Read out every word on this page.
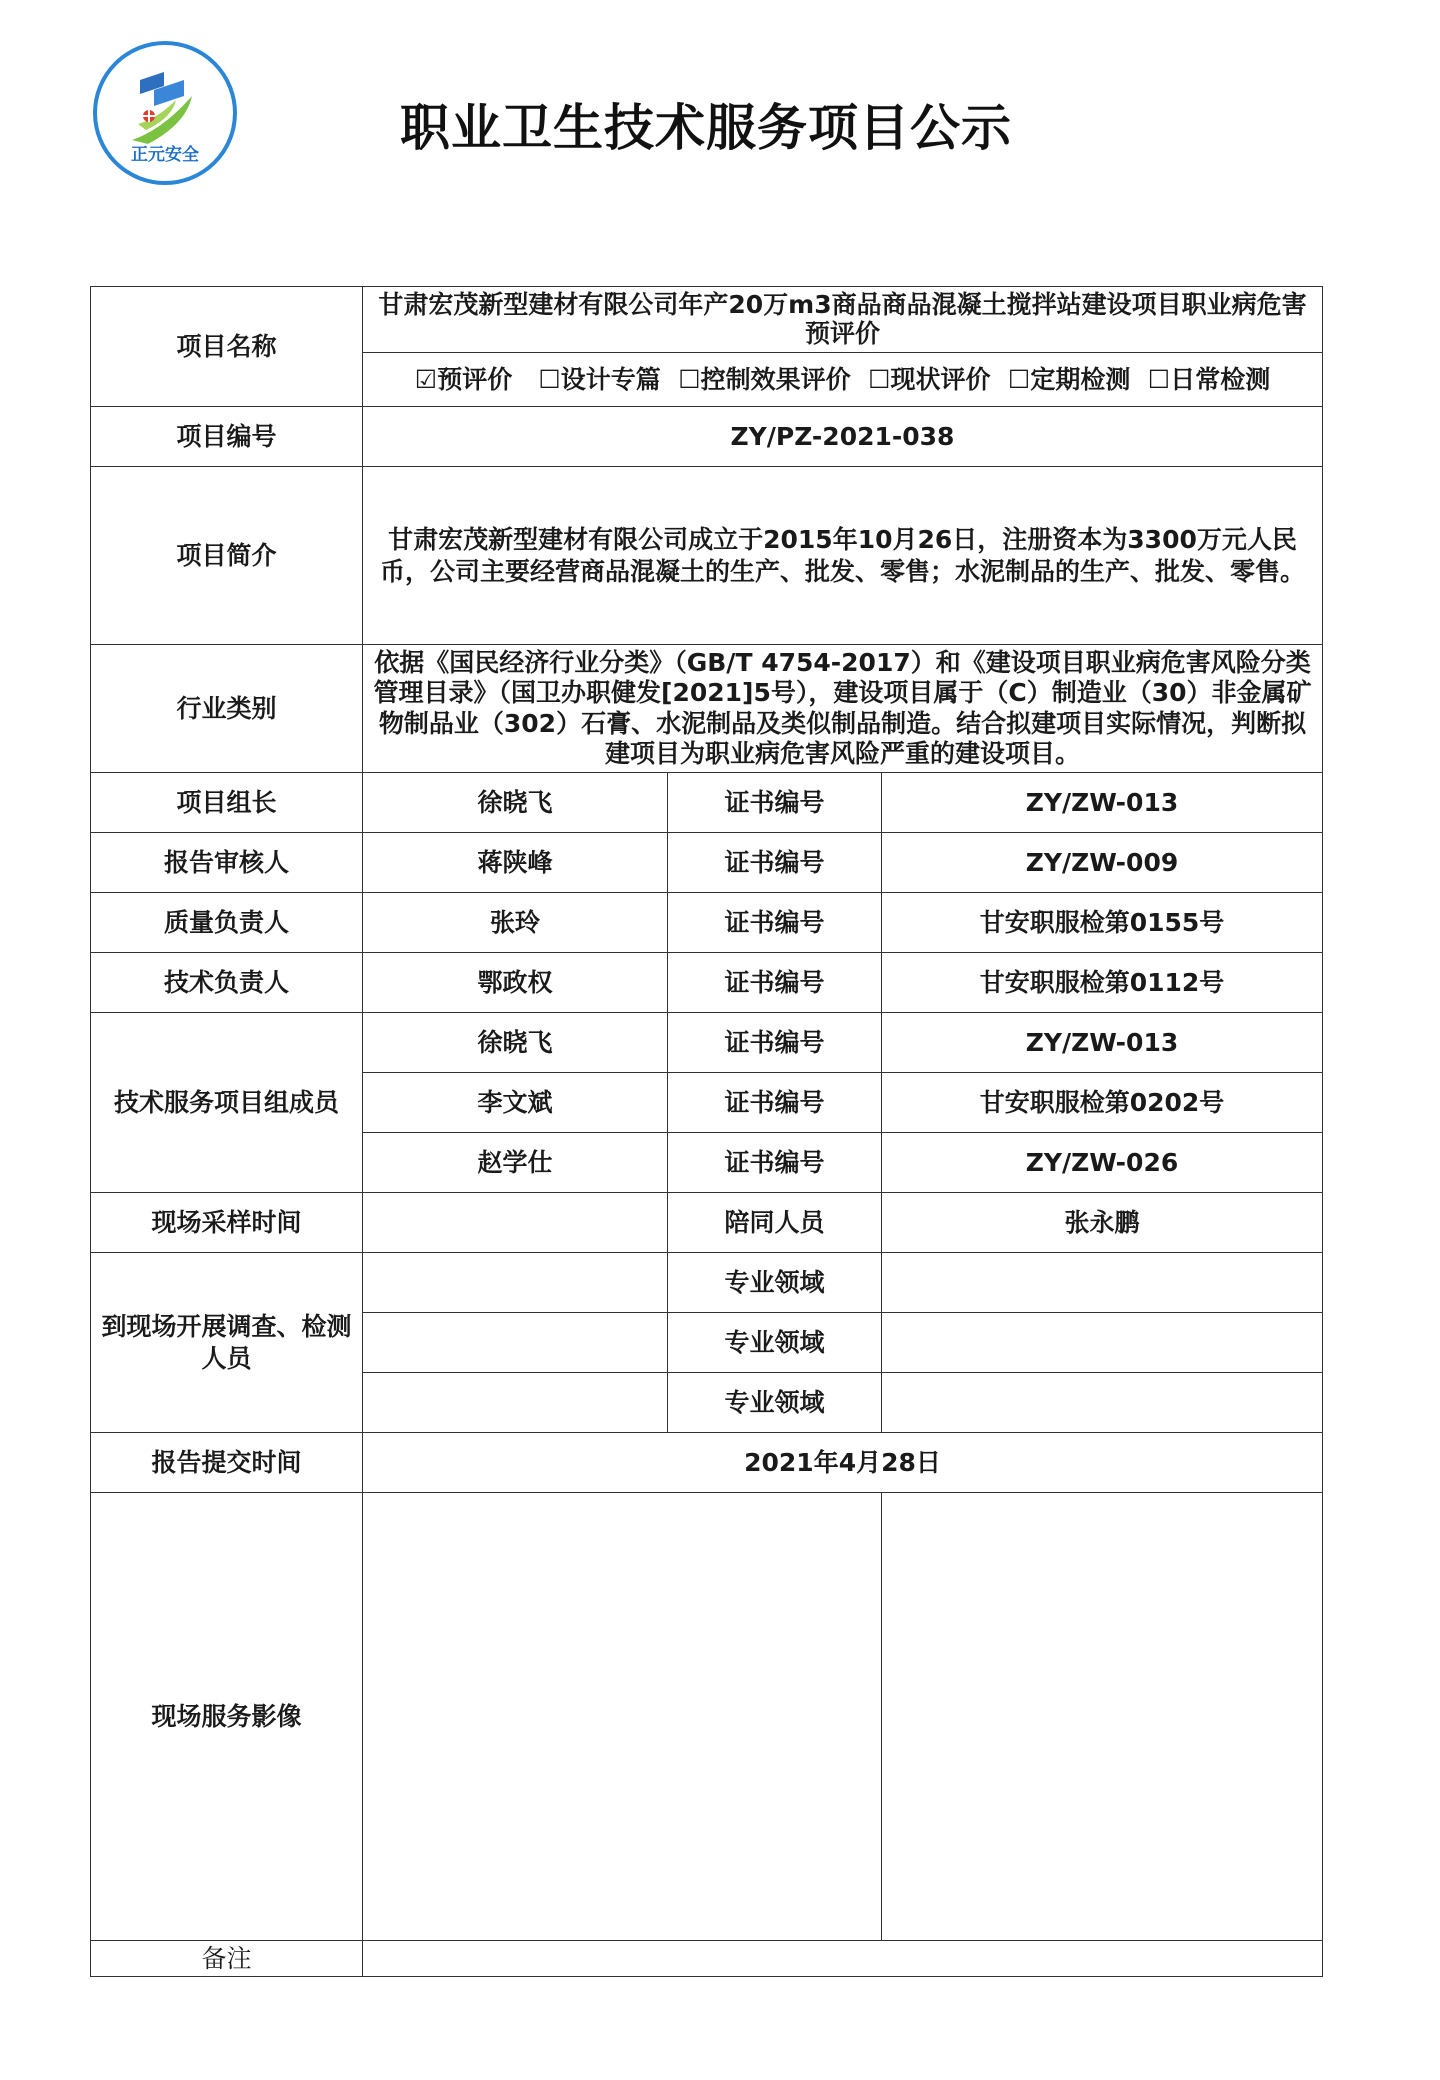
正元安全	职业卫生技术服务项目公示
项目名称	甘肃宏茂新型建材有限公司年产20万m3商品商品混凝土搅拌站建设项目职业病危害预评价		
	☑预评价 ☐设计专篇 ☐控制效果评价 ☐现状评价 ☐定期检测 ☐日常检测		
项目编号	ZY/PZ-2021-038		
项目简介	甘肃宏茂新型建材有限公司成立于2015年10月26日，注册资本为3300万元人民币，公司主要经营商品混凝土的生产、批发、零售；水泥制品的生产、批发、零售。		
行业类别	依据《国民经济行业分类》（GB/T 4754-2017）和《建设项目职业病危害风险分类管理目录》（国卫办职健发[2021]5号），建设项目属于（C）制造业（30）非金属矿物制品业（302）石膏、水泥制品及类似制品制造。结合拟建项目实际情况，判断拟建项目为职业病危害风险严重的建设项目。		
项目组长	徐晓飞	证书编号	ZY/ZW-013
报告审核人	蒋陕峰	证书编号	ZY/ZW-009
质量负责人	张玲	证书编号	甘安职服检第0155号
技术负责人	鄂政权	证书编号	甘安职服检第0112号
技术服务项目组成员	徐晓飞	证书编号	ZY/ZW-013
	李文斌	证书编号	甘安职服检第0202号
	赵学仕	证书编号	ZY/ZW-026
现场采样时间		陪同人员	张永鹏
到现场开展调查、检测人员		专业领域	
		专业领域	
		专业领域	
报告提交时间	2021年4月28日		
现场服务影像			
备注			
